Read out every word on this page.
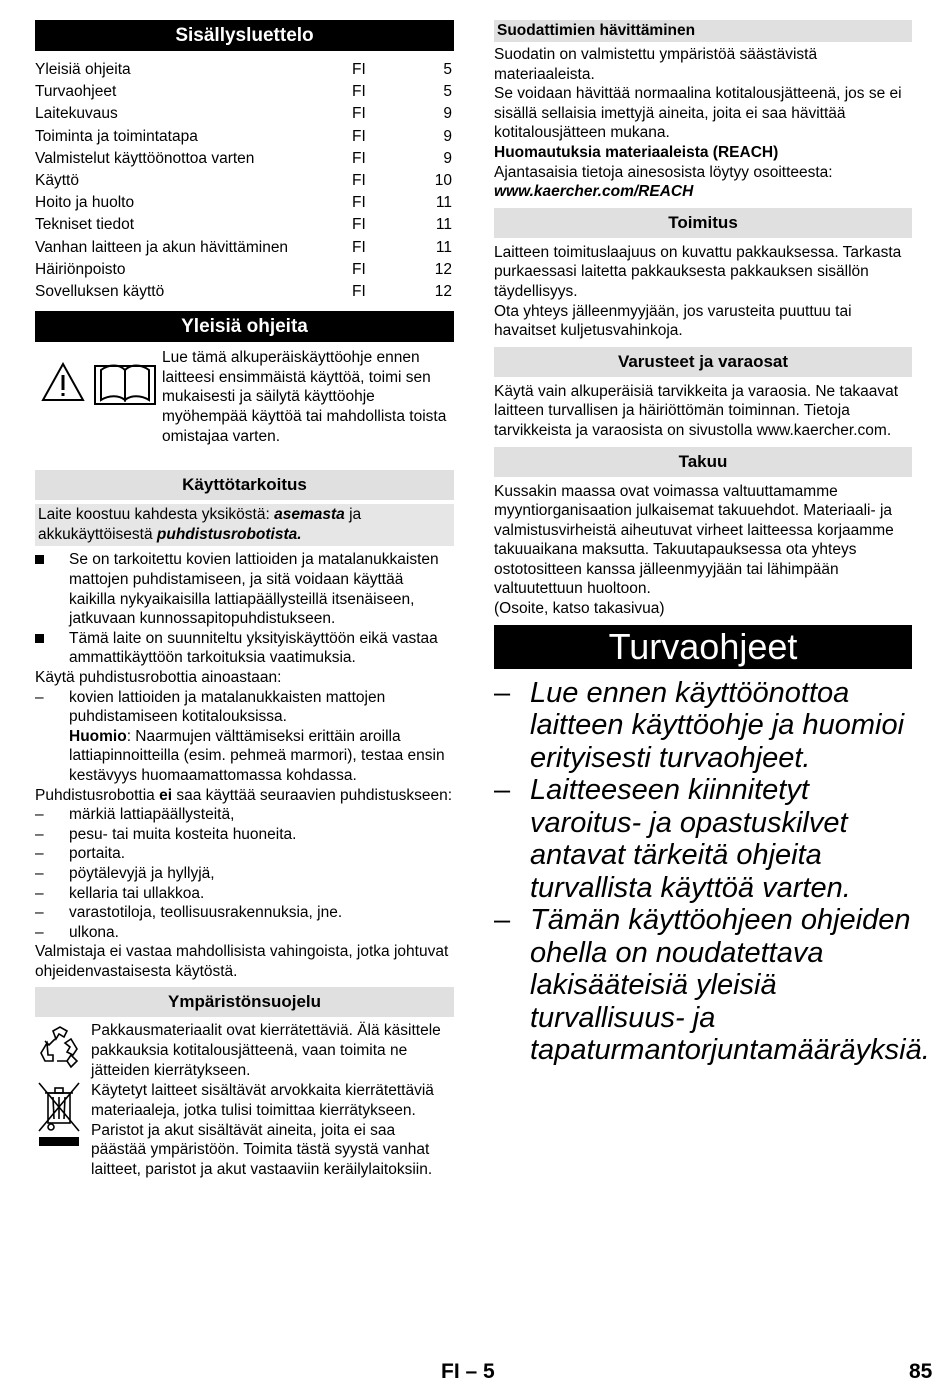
Sisällysluettelo
Yleisiä ohjeita	FI	5
Turvaohjeet	FI	5
Laitekuvaus	FI	9
Toiminta ja toimintatapa	FI	9
Valmistelut käyttöönottoa varten	FI	9
Käyttö	FI	10
Hoito ja huolto	FI	11
Tekniset tiedot	FI	11
Vanhan laitteen ja akun hävittäminen	FI	11
Häiriönpoisto	FI	12
Sovelluksen käyttö	FI	12
Yleisiä ohjeita

Lue tämä alkuperäiskäyttöohje ennen laitteesi ensimmäistä käyttöä, toimi sen mukaisesti ja säilytä käyttöohje myöhempää käyttöä tai mahdollista toista omistajaa varten.

Käyttötarkoitus

Laite koostuu kahdesta yksiköstä: asemasta ja akkukäyttöisestä puhdistusrobotista.

Se on tarkoitettu kovien lattioiden ja matalanukkaisten mattojen puhdistamiseen, ja sitä voidaan käyttää kaikilla nykyaikaisilla lattiapäällysteillä itsenäiseen, jatkuvaan kunnossapitopuhdistukseen.
Tämä laite on suunniteltu yksityiskäyttöön eikä vastaa ammattikäyttöön tarkoituksia vaatimuksia.

Käytä puhdistusrobottia ainoastaan:

– kovien lattioiden ja matalanukkaisten mattojen puhdistamiseen kotitalouksissa.

Huomio: Naarmujen välttämiseksi erittäin aroilla lattiapinnoitteilla (esim. pehmeä marmori), testaa ensin kestävyys huomaamattomassa kohdassa.

Puhdistusrobottia ei saa käyttää seuraavien puhdistuskseen:

– märkiä lattiapäällysteitä,
– pesu- tai muita kosteita huoneita.
– portaita.
– pöytälevyjä ja hyllyjä,
– kellaria tai ullakkoa.
– varastotiloja, teollisuusrakennuksia, jne.
– ulkona.

Valmistaja ei vastaa mahdollisista vahingoista, jotka johtuvat ohjeidenvastaisesta käytöstä.

Ympäristönsuojelu

Pakkausmateriaalit ovat kierrätettäviä. Älä käsittele pakkauksia kotitalousjätteenä, vaan toimita ne jätteiden kierrätykseen.

Käytetyt laitteet sisältävät arvokkaita kierrätettäviä materiaaleja, jotka tulisi toimittaa kierrätykseen. Paristot ja akut sisältävät aineita, joita ei saa päästää ympäristöön. Toimita tästä syystä vanhat laitteet, paristot ja akut vastaaviin keräilylaitoksiin.

Suodattimien hävittäminen

Suodatin on valmistettu ympäristöä säästävistä materiaaleista.

Se voidaan hävittää normaalina kotitalousjätteenä, jos se ei sisällä sellaisia imettyjä aineita, joita ei saa hävittää kotitalousjätteen mukana.

Huomautuksia materiaaleista (REACH)

Ajantasaisia tietoja ainesosista löytyy osoitteesta:

www.kaercher.com/REACH

Toimitus

Laitteen toimituslaajuus on kuvattu pakkauksessa. Tarkasta purkaessasi laitetta pakkauksesta pakkauksen sisällön täydellisyys.

Ota yhteys jälleenmyyjään, jos varusteita puuttuu tai havaitset kuljetusvahinkoja.

Varusteet ja varaosat

Käytä vain alkuperäisiä tarvikkeita ja varaosia. Ne takaavat laitteen turvallisen ja häiriöttömän toiminnan. Tietoja tarvikkeista ja varaosista on sivustolla www.kaercher.com.

Takuu

Kussakin maassa ovat voimassa valtuuttamamme myyntiorganisaation julkaisemat takuuehdot. Materiaali- ja valmistusvirheistä aiheutuvat virheet laitteessa korjaamme takuuaikana maksutta. Takuutapauksessa ota yhteys ostotositteen kanssa jälleenmyyjään tai lähimpään valtuutettuun huoltoon.

(Osoite, katso takasivua)

Turvaohjeet
– Lue ennen käyttöönottoa laitteen käyttöohje ja huomioi erityisesti turvaohjeet.
– Laitteeseen kiinnitetyt varoitus- ja opastuskilvet antavat tärkeitä ohjeita turvallista käyttöä varten.
– Tämän käyttöohjeen ohjeiden ohella on noudatettava lakisääteisiä yleisiä turvallisuus- ja tapaturmantorjuntamääräyksiä.
FI – 5	85
